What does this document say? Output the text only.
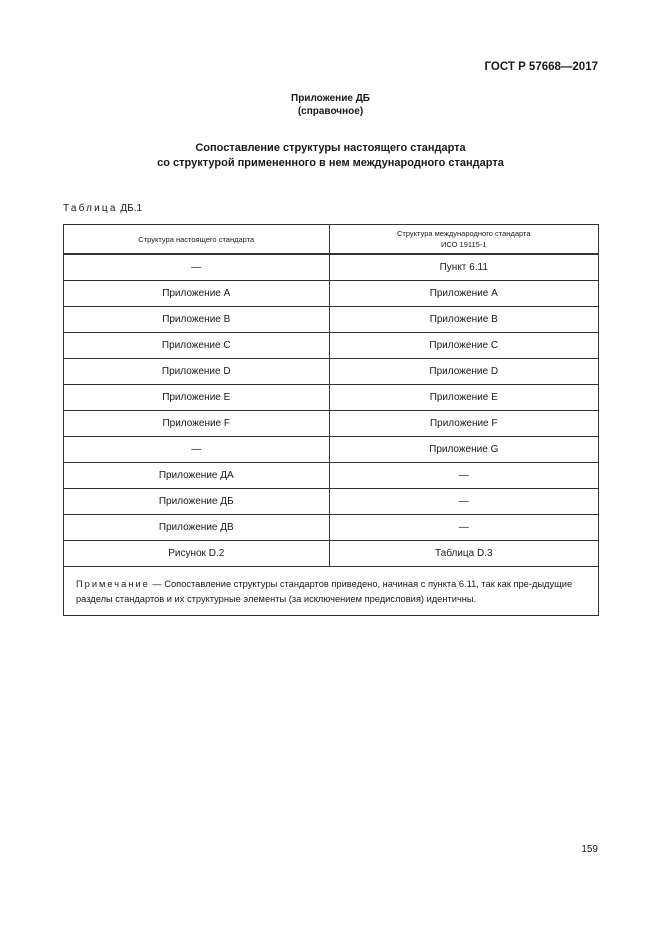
ГОСТ Р 57668—2017
Приложение ДБ
(справочное)
Сопоставление структуры настоящего стандарта
со структурой примененного в нем международного стандарта
Таблица ДБ.1
Структура настоящего стандарта	Структура международного стандарта
ИСО 19115-1

—	Пункт 6.11
Приложение А	Приложение А
Приложение В	Приложение В
Приложение С	Приложение С
Приложение D	Приложение D
Приложение E	Приложение E
Приложение F	Приложение F
—	Приложение G
Приложение ДА	—
Приложение ДБ	—
Приложение ДВ	—
Рисунок D.2	Таблица D.3
Примечание — Сопоставление структуры стандартов приведено, начиная с пункта 6.11, так как пре-дыдущие разделы стандартов и их структурные элементы (за исключением предисловия) идентичны.	
159
